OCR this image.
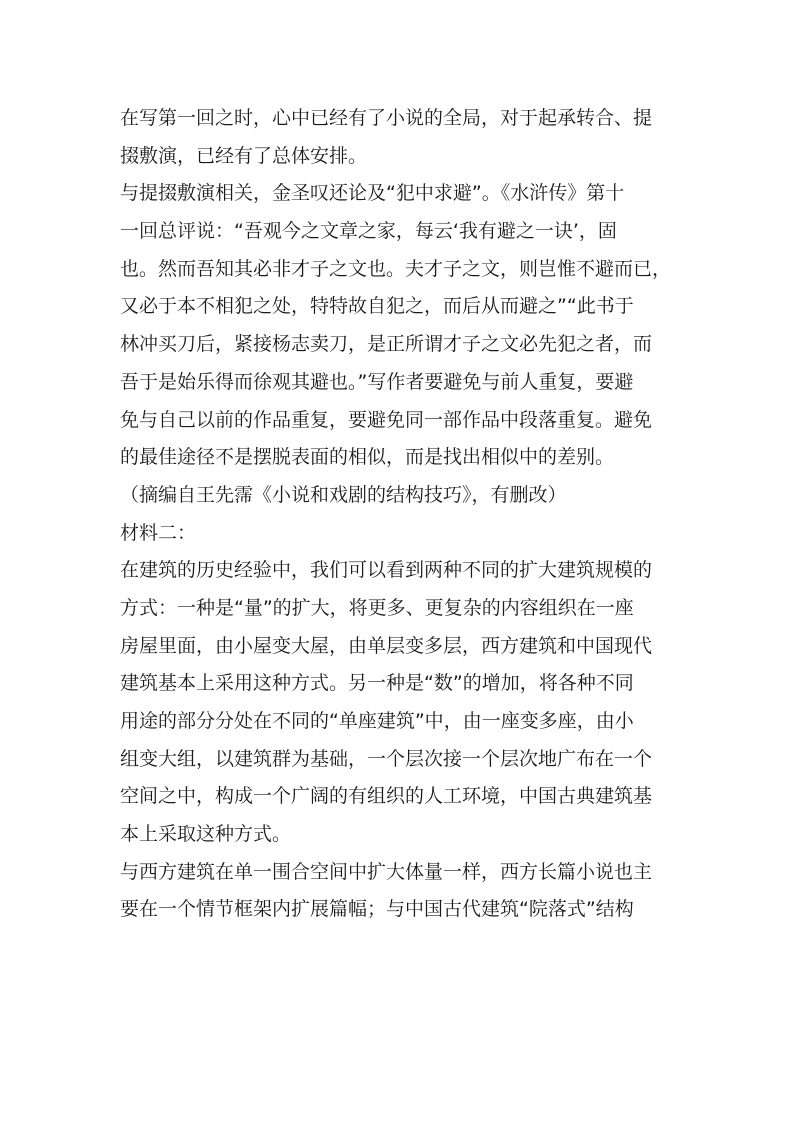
在写第一回之时，心中已经有了小说的全局，对于起承转合、提
掇敷演，已经有了总体安排。

与提掇敷演相关，金圣叹还论及“犯中求避”。《水浒传》第十
一回总评说：“吾观今之文章之家，每云‘我有避之一诀’，固
也。然而吾知其必非才子之文也。夫才子之文，则岂惟不避而已，
又必于本不相犯之处，特特故自犯之，而后从而避之”“此书于
林冲买刀后，紧接杨志卖刀，是正所谓才子之文必先犯之者，而
吾于是始乐得而徐观其避也。”写作者要避免与前人重复，要避
免与自己以前的作品重复，要避免同一部作品中段落重复。避免
的最佳途径不是摆脱表面的相似，而是找出相似中的差别。

（摘编自王先霈《小说和戏剧的结构技巧》，有删改）

材料二：

在建筑的历史经验中，我们可以看到两种不同的扩大建筑规模的
方式：一种是“量”的扩大，将更多、更复杂的内容组织在一座
房屋里面，由小屋变大屋，由单层变多层，西方建筑和中国现代
建筑基本上采用这种方式。另一种是“数”的增加，将各种不同
用途的部分分处在不同的“单座建筑”中，由一座变多座，由小
组变大组，以建筑群为基础，一个层次接一个层次地广布在一个
空间之中，构成一个广阔的有组织的人工环境，中国古典建筑基
本上采取这种方式。

与西方建筑在单一围合空间中扩大体量一样，西方长篇小说也主
要在一个情节框架内扩展篇幅；与中国古代建筑“院落式”结构
